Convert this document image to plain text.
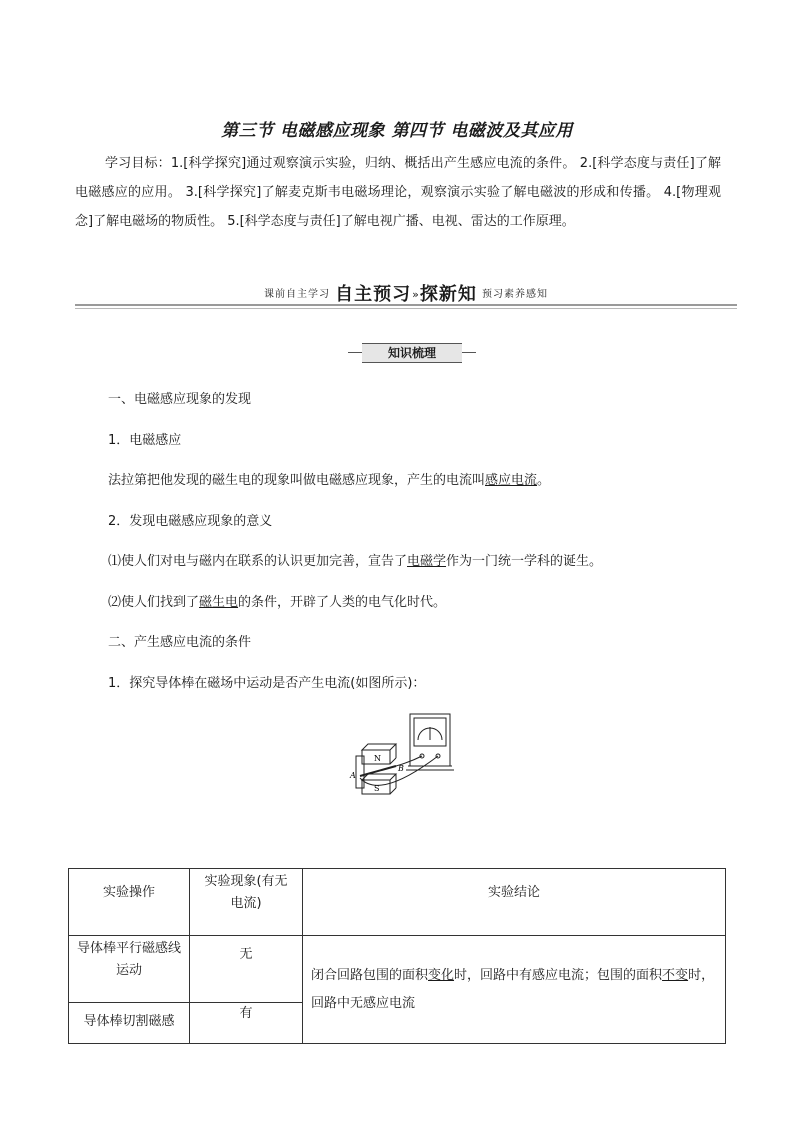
第三节 电磁感应现象 第四节 电磁波及其应用

学习目标：1.[科学探究]通过观察演示实验，归纳、概括出产生感应电流的条件。 2.[科学态度与责任]了解电磁感应的应用。 3.[科学探究]了解麦克斯韦电磁场理论，观察演示实验了解电磁波的形成和传播。 4.[物理观念]了解电磁场的物质性。 5.[科学态度与责任]了解电视广播、电视、雷达的工作原理。

课前自主学习 自主预习»探新知 预习素养感知
知识梳理
一、电磁感应现象的发现
1．电磁感应
法拉第把他发现的磁生电的现象叫做电磁感应现象，产生的电流叫感应电流。
2．发现电磁感应现象的意义
⑴使人们对电与磁内在联系的认识更加完善，宣告了电磁学作为一门统一学科的诞生。
⑵使人们找到了磁生电的条件，开辟了人类的电气化时代。
二、产生感应电流的条件
1．探究导体棒在磁场中运动是否产生电流(如图所示)：
N
S
A
B
实验操作	实验现象(有无电流)	实验结论

导体棒平行磁感线运动	无	闭合回路包围的面积变化时，回路中有感应电流；包围的面积不变时，回路中无感应电流

导体棒切割磁感	有	
